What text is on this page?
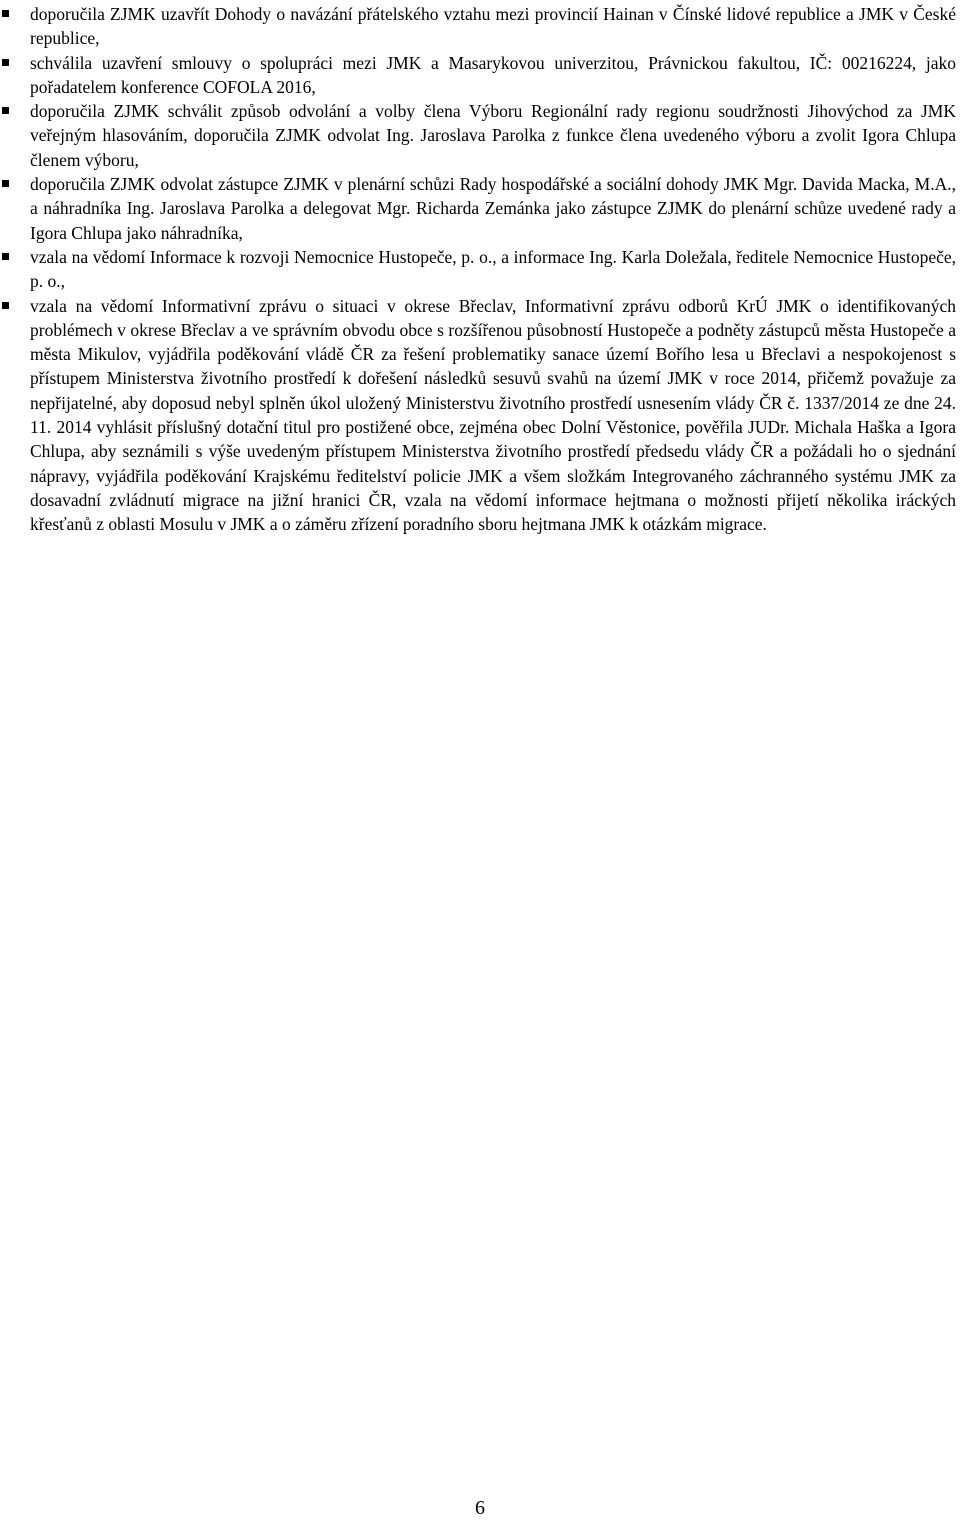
doporučila ZJMK uzavřít Dohody o navázání přátelského vztahu mezi provincií Hainan v Čínské lidové republice a JMK v České republice,
schválila uzavření smlouvy o spolupráci mezi JMK a Masarykovou univerzitou, Právnickou fakultou, IČ: 00216224, jako pořadatelem konference COFOLA 2016,
doporučila ZJMK schválit způsob odvolání a volby člena Výboru Regionální rady regionu soudržnosti Jihovýchod za JMK veřejným hlasováním, doporučila ZJMK odvolat Ing. Jaroslava Parolka z funkce člena uvedeného výboru a zvolit Igora Chlupa členem výboru,
doporučila ZJMK odvolat zástupce ZJMK v plenární schůzi Rady hospodářské a sociální dohody JMK Mgr. Davida Macka, M.A., a náhradníka Ing. Jaroslava Parolka a delegovat Mgr. Richarda Zemánka jako zástupce ZJMK do plenární schůze uvedené rady a Igora Chlupa jako náhradníka,
vzala na vědomí Informace k rozvoji Nemocnice Hustopeče, p. o., a informace Ing. Karla Doležala, ředitele Nemocnice Hustopeče, p. o.,
vzala na vědomí Informativní zprávu o situaci v okrese Břeclav, Informativní zprávu odborů KrÚ JMK o identifikovaných problémech v okrese Břeclav a ve správním obvodu obce s rozšířenou působností Hustopeče a podněty zástupců města Hustopeče a města Mikulov, vyjádřila poděkování vládě ČR za řešení problematiky sanace území Bořího lesa u Břeclavi a nespokojenost s přístupem Ministerstva životního prostředí k dořešení následků sesuvů svahů na území JMK v roce 2014, přičemž považuje za nepřijatelné, aby doposud nebyl splněn úkol uložený Ministerstvu životního prostředí usnesením vlády ČR č. 1337/2014 ze dne 24. 11. 2014 vyhlásit příslušný dotační titul pro postižené obce, zejména obec Dolní Věstonice, pověřila JUDr. Michala Haška a Igora Chlupa, aby seznámili s výše uvedeným přístupem Ministerstva životního prostředí předsedu vlády ČR a požádali ho o sjednání nápravy, vyjádřila poděkování Krajskému ředitelství policie JMK a všem složkám Integrovaného záchranného systému JMK za dosavadní zvládnutí migrace na jižní hranici ČR, vzala na vědomí informace hejtmana o možnosti přijetí několika iráckých křesťanů z oblasti Mosulu v JMK a o záměru zřízení poradního sboru hejtmana JMK k otázkám migrace.
6
